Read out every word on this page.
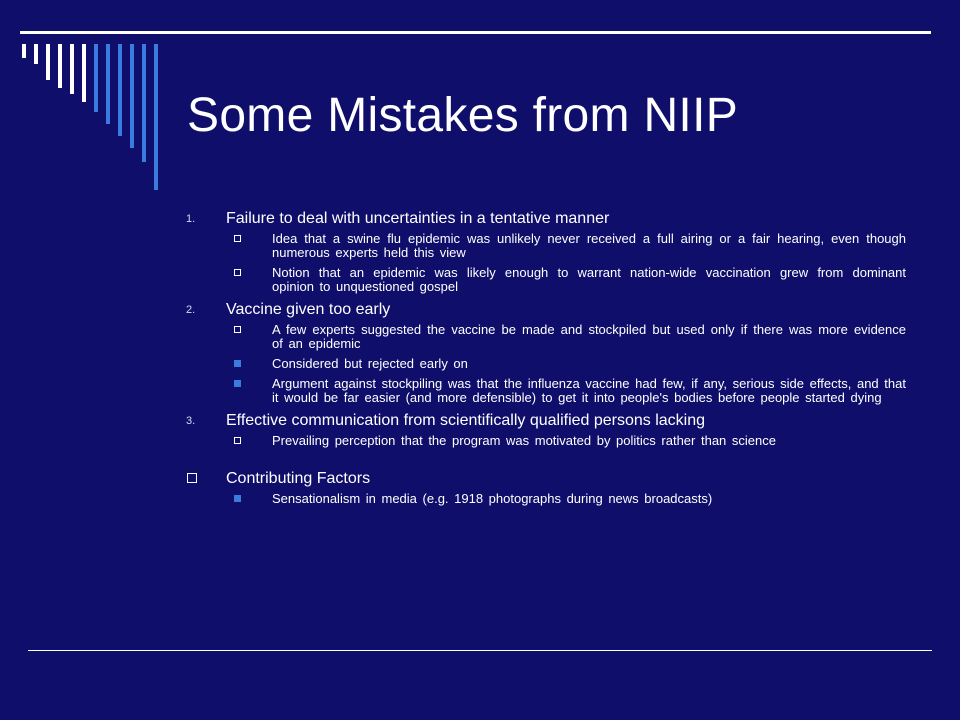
Some Mistakes from NIIP
1. Failure to deal with uncertainties in a tentative manner
Idea that a swine flu epidemic was unlikely never received a full airing or a fair hearing, even though numerous experts held this view
Notion that an epidemic was likely enough to warrant nation-wide vaccination grew from dominant opinion to unquestioned gospel
2. Vaccine given too early
A few experts suggested the vaccine be made and stockpiled but used only if there was more evidence of an epidemic
Considered but rejected early on
Argument against stockpiling was that the influenza vaccine had few, if any, serious side effects, and that it would be far easier (and more defensible) to get it into people's bodies before people started dying
3. Effective communication from scientifically qualified persons lacking
Prevailing perception that the program was motivated by politics rather than science
Contributing Factors
Sensationalism in media (e.g. 1918 photographs during news broadcasts)
